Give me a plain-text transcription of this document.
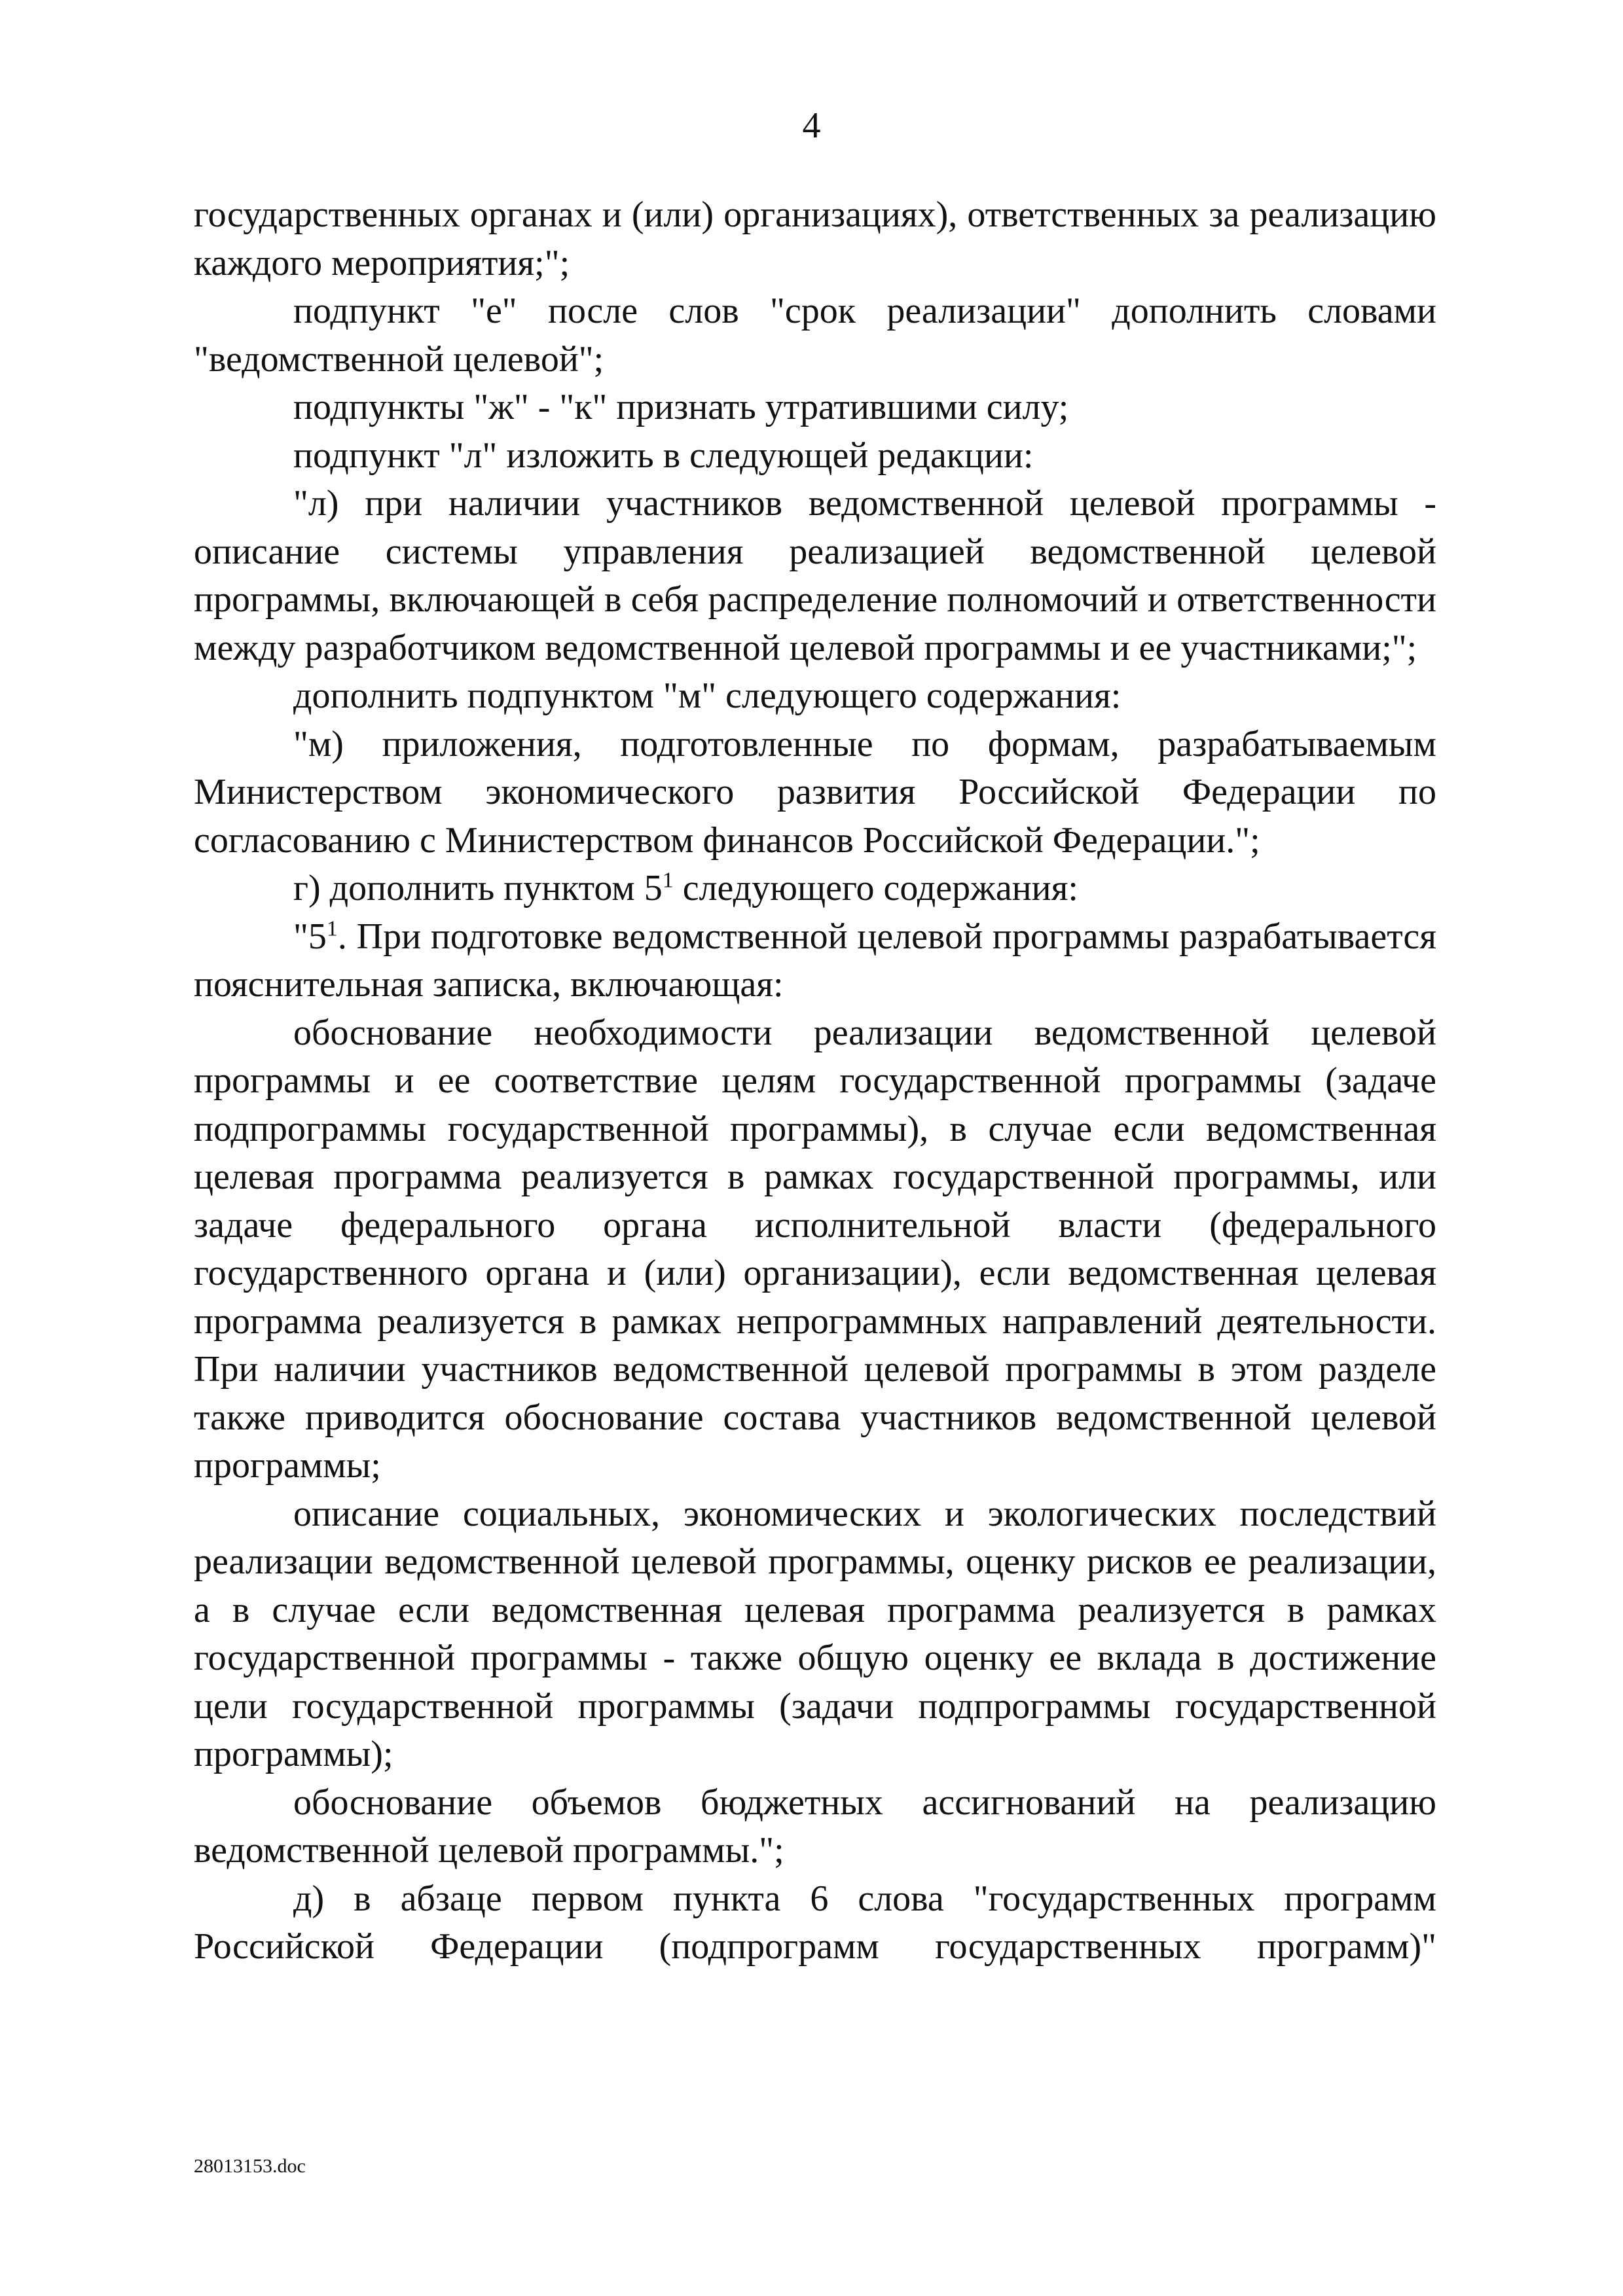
4

государственных органах и (или) организациях), ответственных за реализацию каждого мероприятия;";

подпункт "е" после слов "срок реализации" дополнить словами "ведомственной целевой";

подпункты "ж" - "к" признать утратившими силу;

подпункт "л" изложить в следующей редакции:

"л) при наличии участников ведомственной целевой программы - описание системы управления реализацией ведомственной целевой программы, включающей в себя распределение полномочий и ответственности между разработчиком ведомственной целевой программы и ее участниками;";

дополнить подпунктом "м" следующего содержания:

"м) приложения, подготовленные по формам, разрабатываемым Министерством экономического развития Российской Федерации по согласованию с Министерством финансов Российской Федерации.";

г) дополнить пунктом $5^1$ следующего содержания:

"$5^1$. При подготовке ведомственной целевой программы разрабатывается пояснительная записка, включающая:

обоснование необходимости реализации ведомственной целевой программы и ее соответствие целям государственной программы (задаче подпрограммы государственной программы), в случае если ведомственная целевая программа реализуется в рамках государственной программы, или задаче федерального органа исполнительной власти (федерального государственного органа и (или) организации), если ведомственная целевая программа реализуется в рамках непрограммных направлений деятельности. При наличии участников ведомственной целевой программы в этом разделе также приводится обоснование состава участников ведомственной целевой программы;

описание социальных, экономических и экологических последствий реализации ведомственной целевой программы, оценку рисков ее реализации, а в случае если ведомственная целевая программа реализуется в рамках государственной программы - также общую оценку ее вклада в достижение цели государственной программы (задачи подпрограммы государственной программы);

обоснование объемов бюджетных ассигнований на реализацию ведомственной целевой программы.";

д) в абзаце первом пункта 6 слова "государственных программ Российской Федерации (подпрограмм государственных программ)"

28013153.doc
